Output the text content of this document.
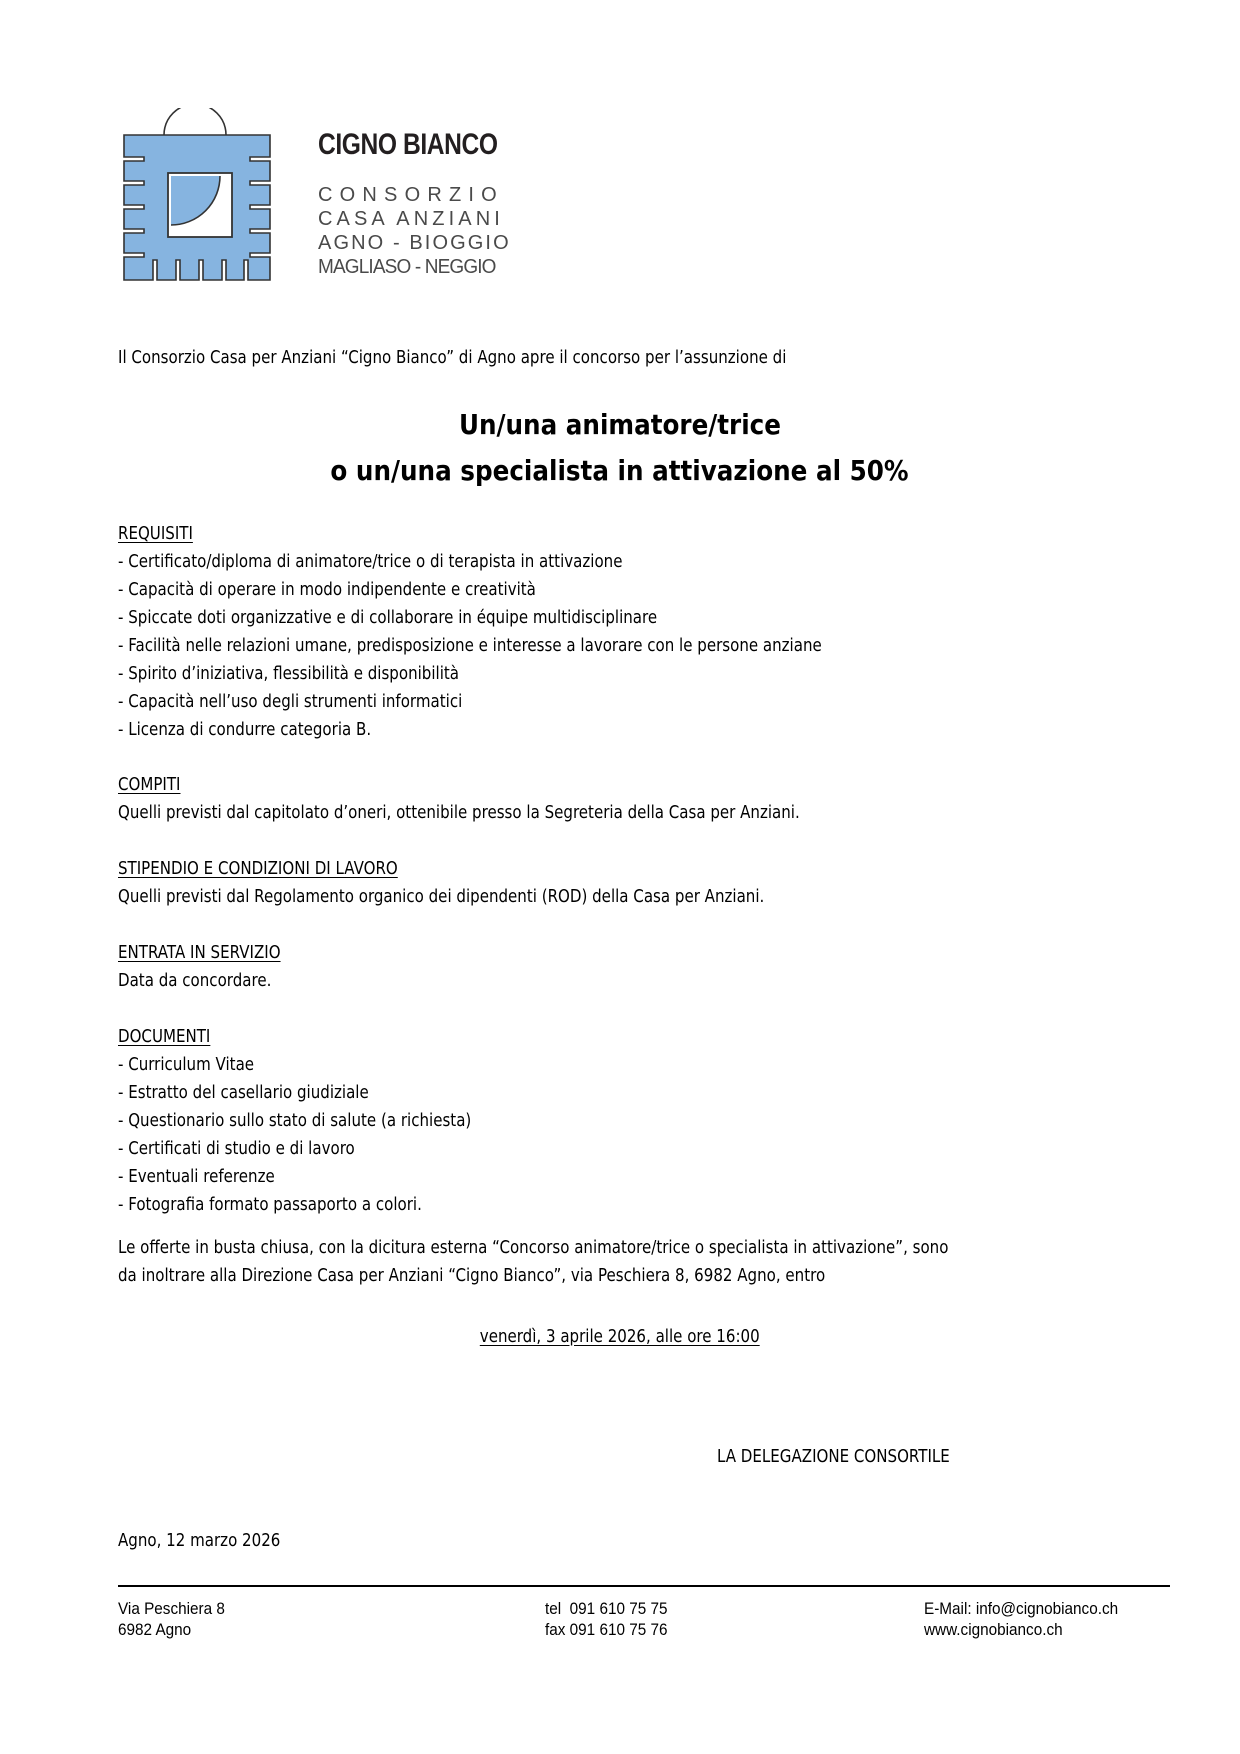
CIGNO BIANCO
CONSORZIO
CASA ANZIANI
AGNO - BIOGGIO
MAGLIASO - NEGGIO
Il Consorzio Casa per Anziani “Cigno Bianco” di Agno apre il concorso per l’assunzione di
Un/una animatore/trice
o un/una specialista in attivazione al 50%
REQUISITI
- Certificato/diploma di animatore/trice o di terapista in attivazione
- Capacità di operare in modo indipendente e creatività
- Spiccate doti organizzative e di collaborare in équipe multidisciplinare
- Facilità nelle relazioni umane, predisposizione e interesse a lavorare con le persone anziane
- Spirito d’iniziativa, flessibilità e disponibilità
- Capacità nell’uso degli strumenti informatici
- Licenza di condurre categoria B.
COMPITI
Quelli previsti dal capitolato d’oneri, ottenibile presso la Segreteria della Casa per Anziani.
STIPENDIO E CONDIZIONI DI LAVORO
Quelli previsti dal Regolamento organico dei dipendenti (ROD) della Casa per Anziani.
ENTRATA IN SERVIZIO
Data da concordare.
DOCUMENTI
- Curriculum Vitae
- Estratto del casellario giudiziale
- Questionario sullo stato di salute (a richiesta)
- Certificati di studio e di lavoro
- Eventuali referenze
- Fotografia formato passaporto a colori.
Le offerte in busta chiusa, con la dicitura esterna “Concorso animatore/trice o specialista in attivazione”, sono
da inoltrare alla Direzione Casa per Anziani “Cigno Bianco”, via Peschiera 8, 6982 Agno, entro
venerdì, 3 aprile 2026, alle ore 16:00
LA DELEGAZIONE CONSORTILE
Agno, 12 marzo 2026
Via Peschiera 8
6982 Agno
tel  091 610 75 75
fax 091 610 75 76
E-Mail: info@cignobianco.ch
www.cignobianco.ch
